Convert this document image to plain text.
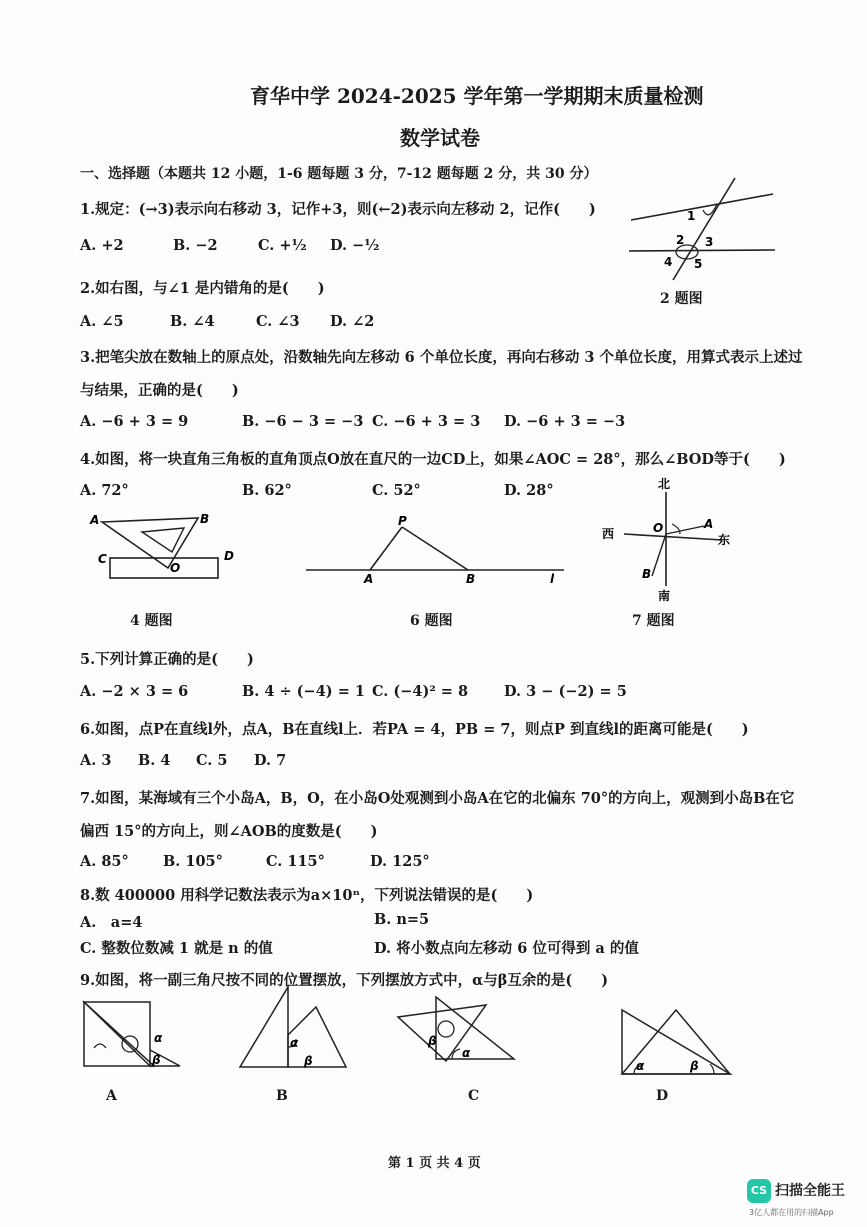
育华中学 2024-2025 学年第一学期期末质量检测
数学试卷
一、选择题（本题共 12 小题，1-6 题每题 3 分，7-12 题每题 2 分，共 30 分）
1.规定：(→3)表示向右移动 3，记作+3，则(←2)表示向左移动 2，记作(　　)
A. +2	B. −2	C. +½ D. −½
2.如右图，与∠1 是内错角的是(　　)
A. ∠5	B. ∠4	C. ∠3 D. ∠2
1
2 3
4 5
2 题图
3.把笔尖放在数轴上的原点处，沿数轴先向左移动 6 个单位长度，再向右移动 3 个单位长度，用算式表示上述过
与结果，正确的是(　　)
A. −6 + 3 = 9	B. −6 − 3 = −3 C. −6 + 3 = 3 D. −6 + 3 = −3
4.如图，将一块直角三角板的直角顶点O放在直尺的一边CD上，如果∠AOC = 28°，那么∠BOD等于(　　)
A. 72°	B. 62°	C. 52°	D. 28°
A	B
C	D
O
4 题图
P
A	B	l
6 题图
北
南
西	东
O	A
B
7 题图
5.下列计算正确的是(　　)
A. −2 × 3 = 6	B. 4 ÷ (−4) = 1 C. (−4)² = 8 D. 3 − (−2) = 5
6.如图，点P在直线l外，点A，B在直线l上．若PA = 4，PB = 7，则点P 到直线l的距离可能是(　　)
A. 3 B. 4 C. 5 D. 7
7.如图，某海域有三个小岛A，B，O，在小岛O处观测到小岛A在它的北偏东 70°的方向上，观测到小岛B在它
偏西 15°的方向上，则∠AOB的度数是(　　)
A. 85° B. 105°	C. 115°	D. 125°
8.数 400000 用科学记数法表示为a×10ⁿ，下列说法错误的是(　　)
A.　a=4	B. n=5
C. 整数位数减 1 就是 n 的值	D. 将小数点向左移动 6 位可得到 a 的值
9.如图，将一副三角尺按不同的位置摆放，下列摆放方式中，α与β互余的是(　　)
α
β
A
α
β
B
β
α
C
α	β
D
第 1 页 共 4 页
CS 扫描全能王
3亿人都在用的扫描App
